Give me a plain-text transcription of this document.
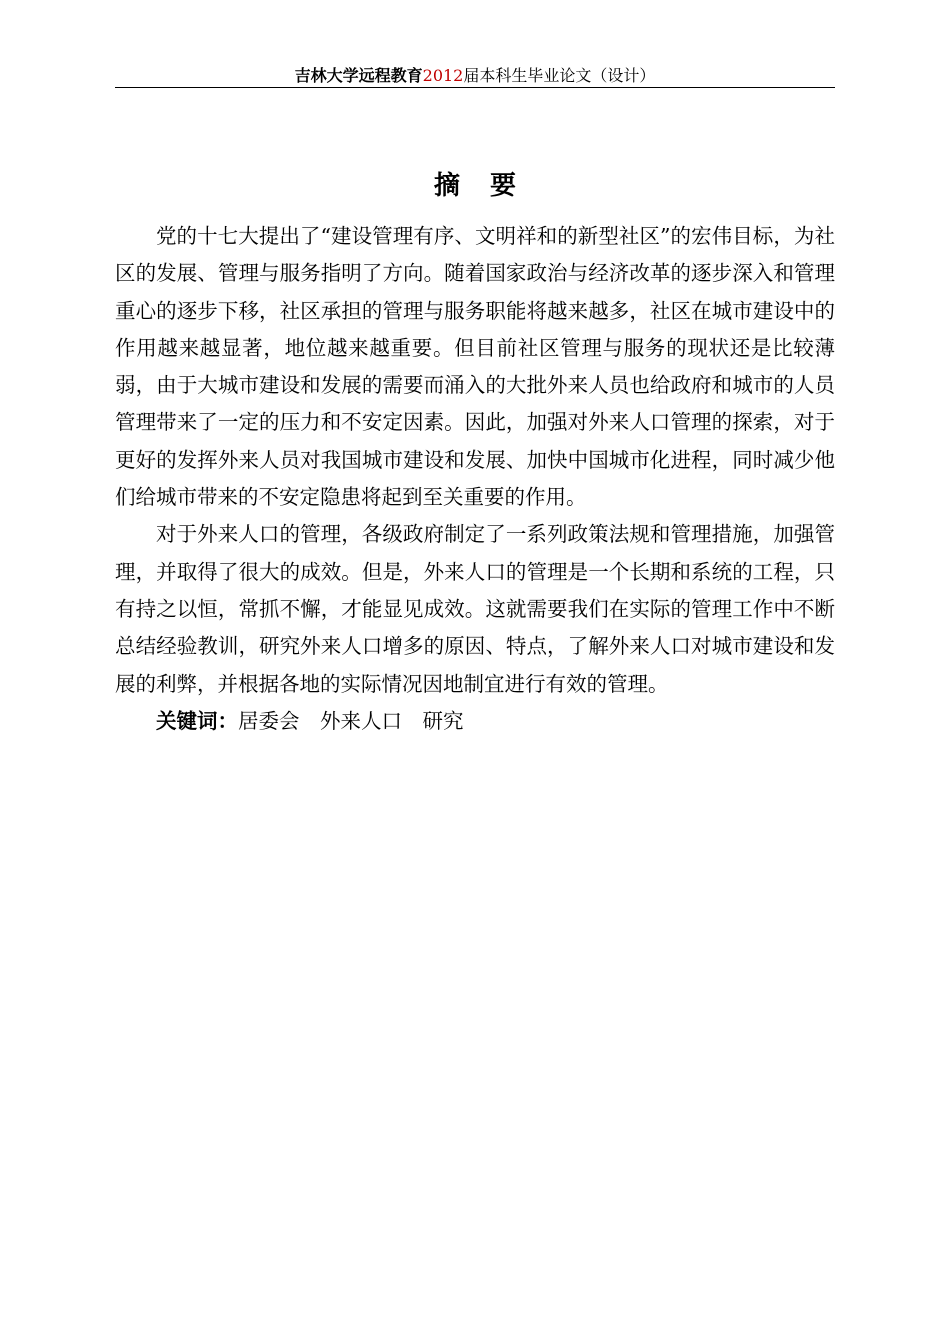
吉林大学远程教育2012届本科生毕业论文（设计）
摘要

党的十七大提出了“建设管理有序、文明祥和的新型社区”的宏伟目标，为社区的发展、管理与服务指明了方向。随着国家政治与经济改革的逐步深入和管理重心的逐步下移，社区承担的管理与服务职能将越来越多，社区在城市建设中的作用越来越显著，地位越来越重要。但目前社区管理与服务的现状还是比较薄弱，由于大城市建设和发展的需要而涌入的大批外来人员也给政府和城市的人员管理带来了一定的压力和不安定因素。因此，加强对外来人口管理的探索，对于更好的发挥外来人员对我国城市建设和发展、加快中国城市化进程，同时减少他们给城市带来的不安定隐患将起到至关重要的作用。

对于外来人口的管理，各级政府制定了一系列政策法规和管理措施，加强管理，并取得了很大的成效。但是，外来人口的管理是一个长期和系统的工程，只有持之以恒，常抓不懈，才能显见成效。这就需要我们在实际的管理工作中不断总结经验教训，研究外来人口增多的原因、特点，了解外来人口对城市建设和发展的利弊，并根据各地的实际情况因地制宜进行有效的管理。

关键词：居委会 外来人口 研究
